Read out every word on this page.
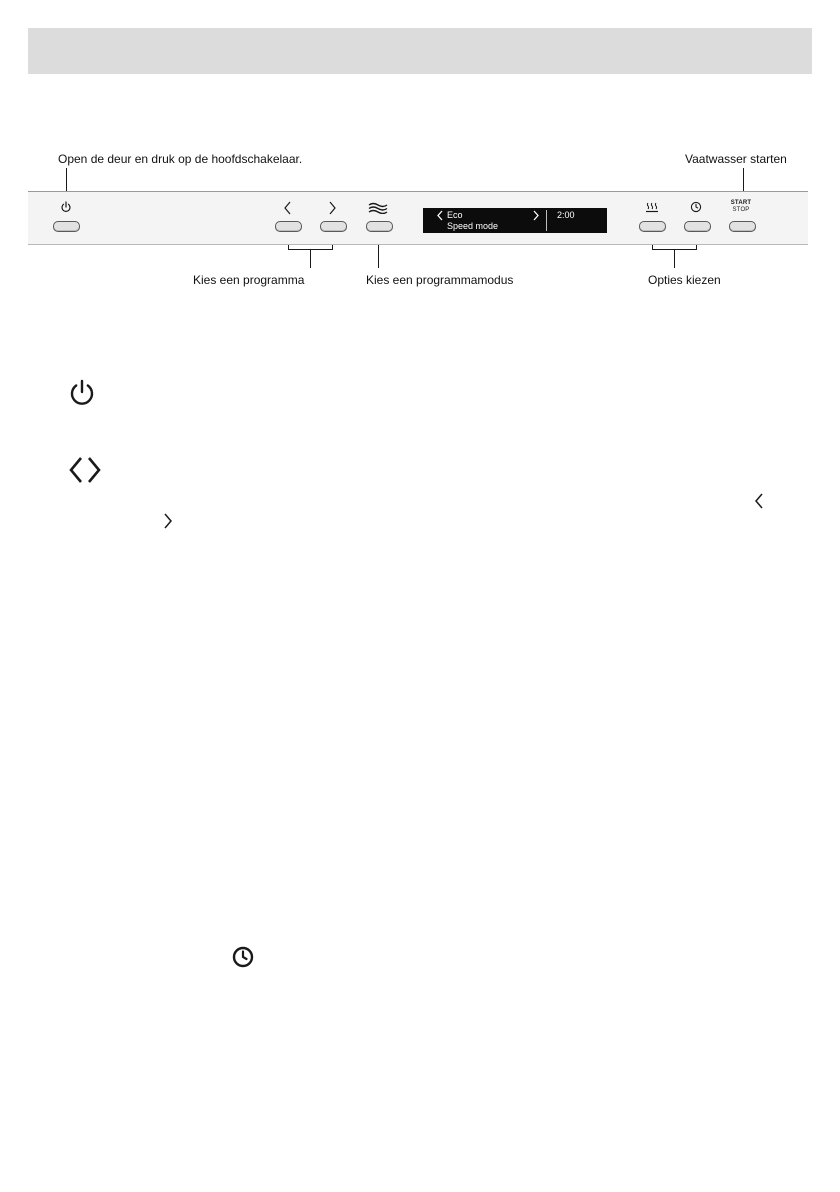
Open de deur en druk op de hoofdschakelaar.	Vaatwasser starten
Kies een programma	Kies een programmamodus	Opties kiezen
START
STOP
Eco
Speed mode
2:00
